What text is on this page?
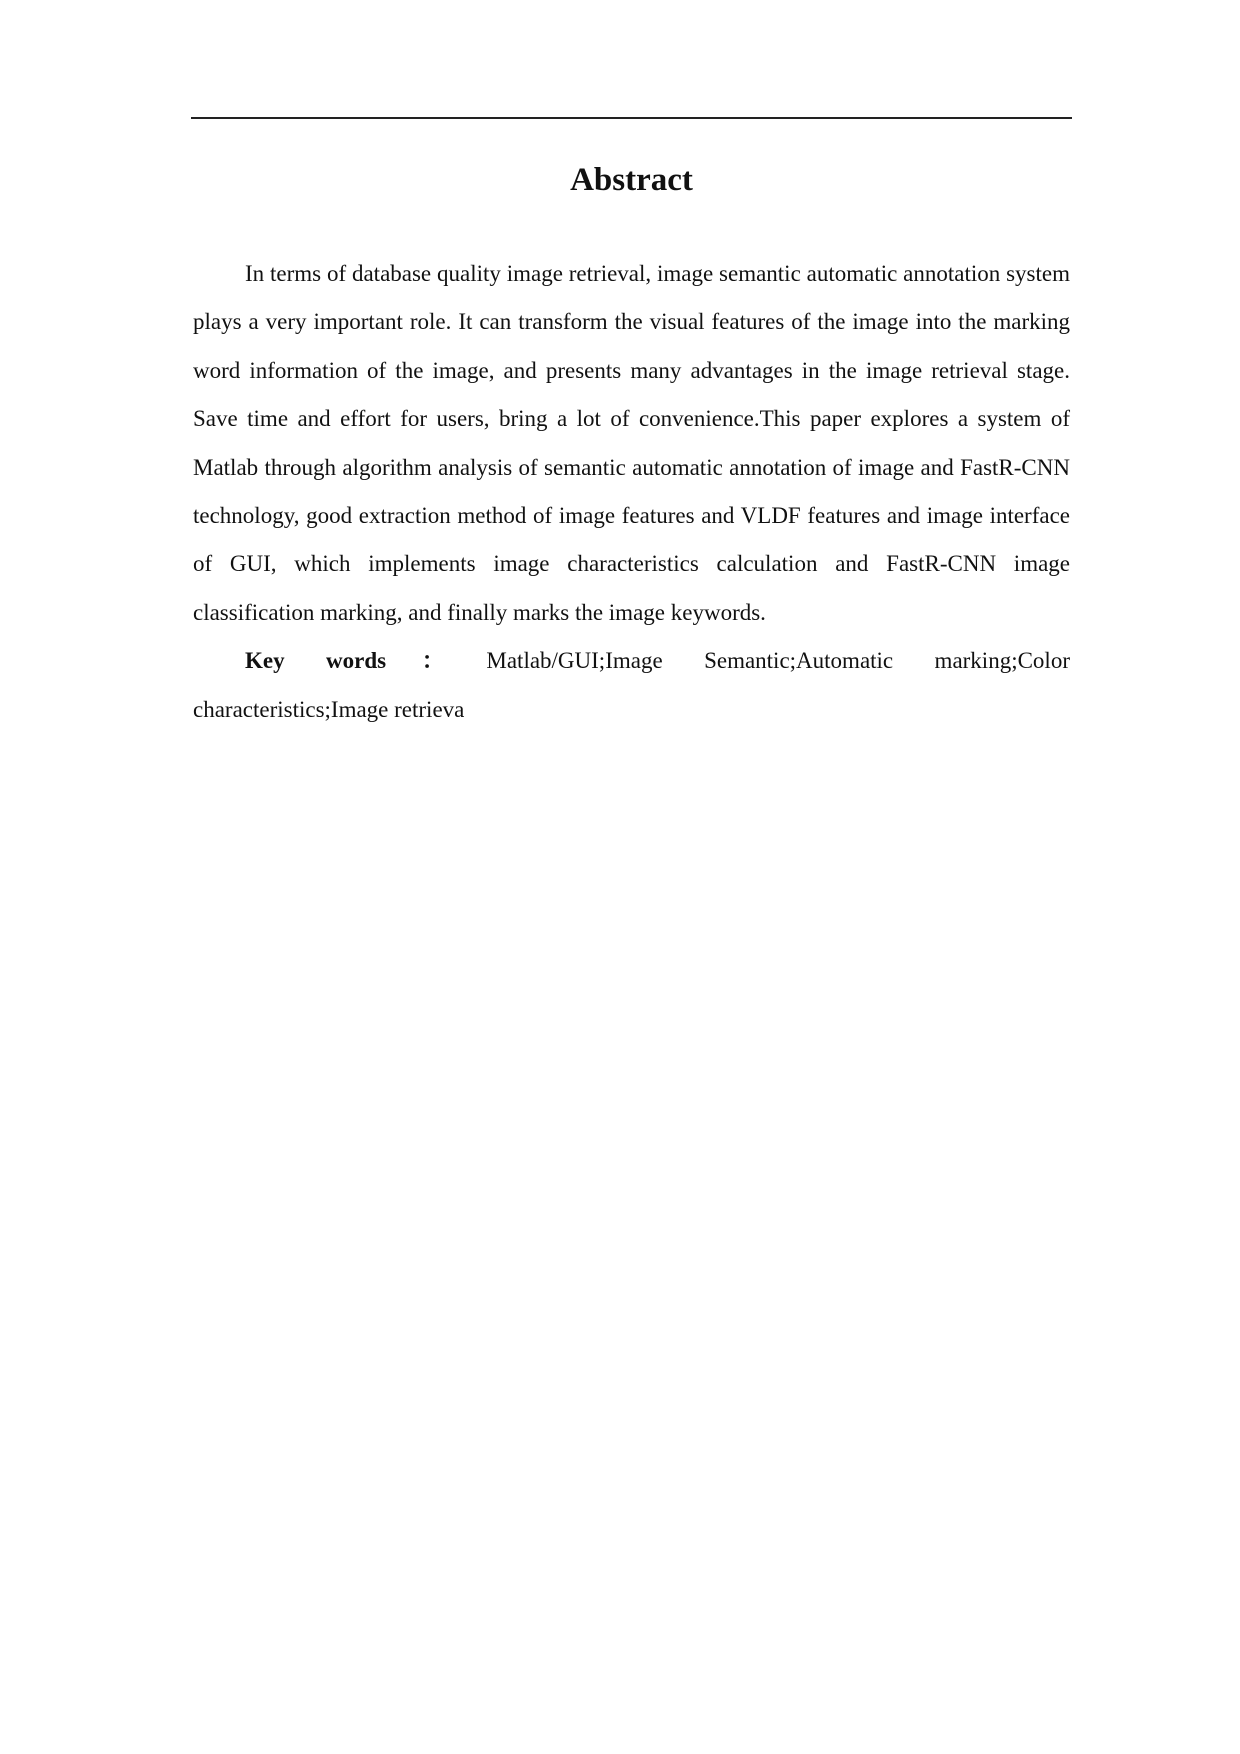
Abstract

In terms of database quality image retrieval, image semantic automatic annotation system plays a very important role. It can transform the visual features of the image into the marking word information of the image, and presents many advantages in the image retrieval stage. Save time and effort for users, bring a lot of convenience.This paper explores a system of Matlab through algorithm analysis of semantic automatic annotation of image and FastR-CNN technology, good extraction method of image features and VLDF features and image interface of GUI, which implements image characteristics calculation and FastR-CNN image classification marking, and finally marks the image keywords.

Key words： Matlab/GUI;Image Semantic;Automatic marking;Color characteristics;Image retrieva
